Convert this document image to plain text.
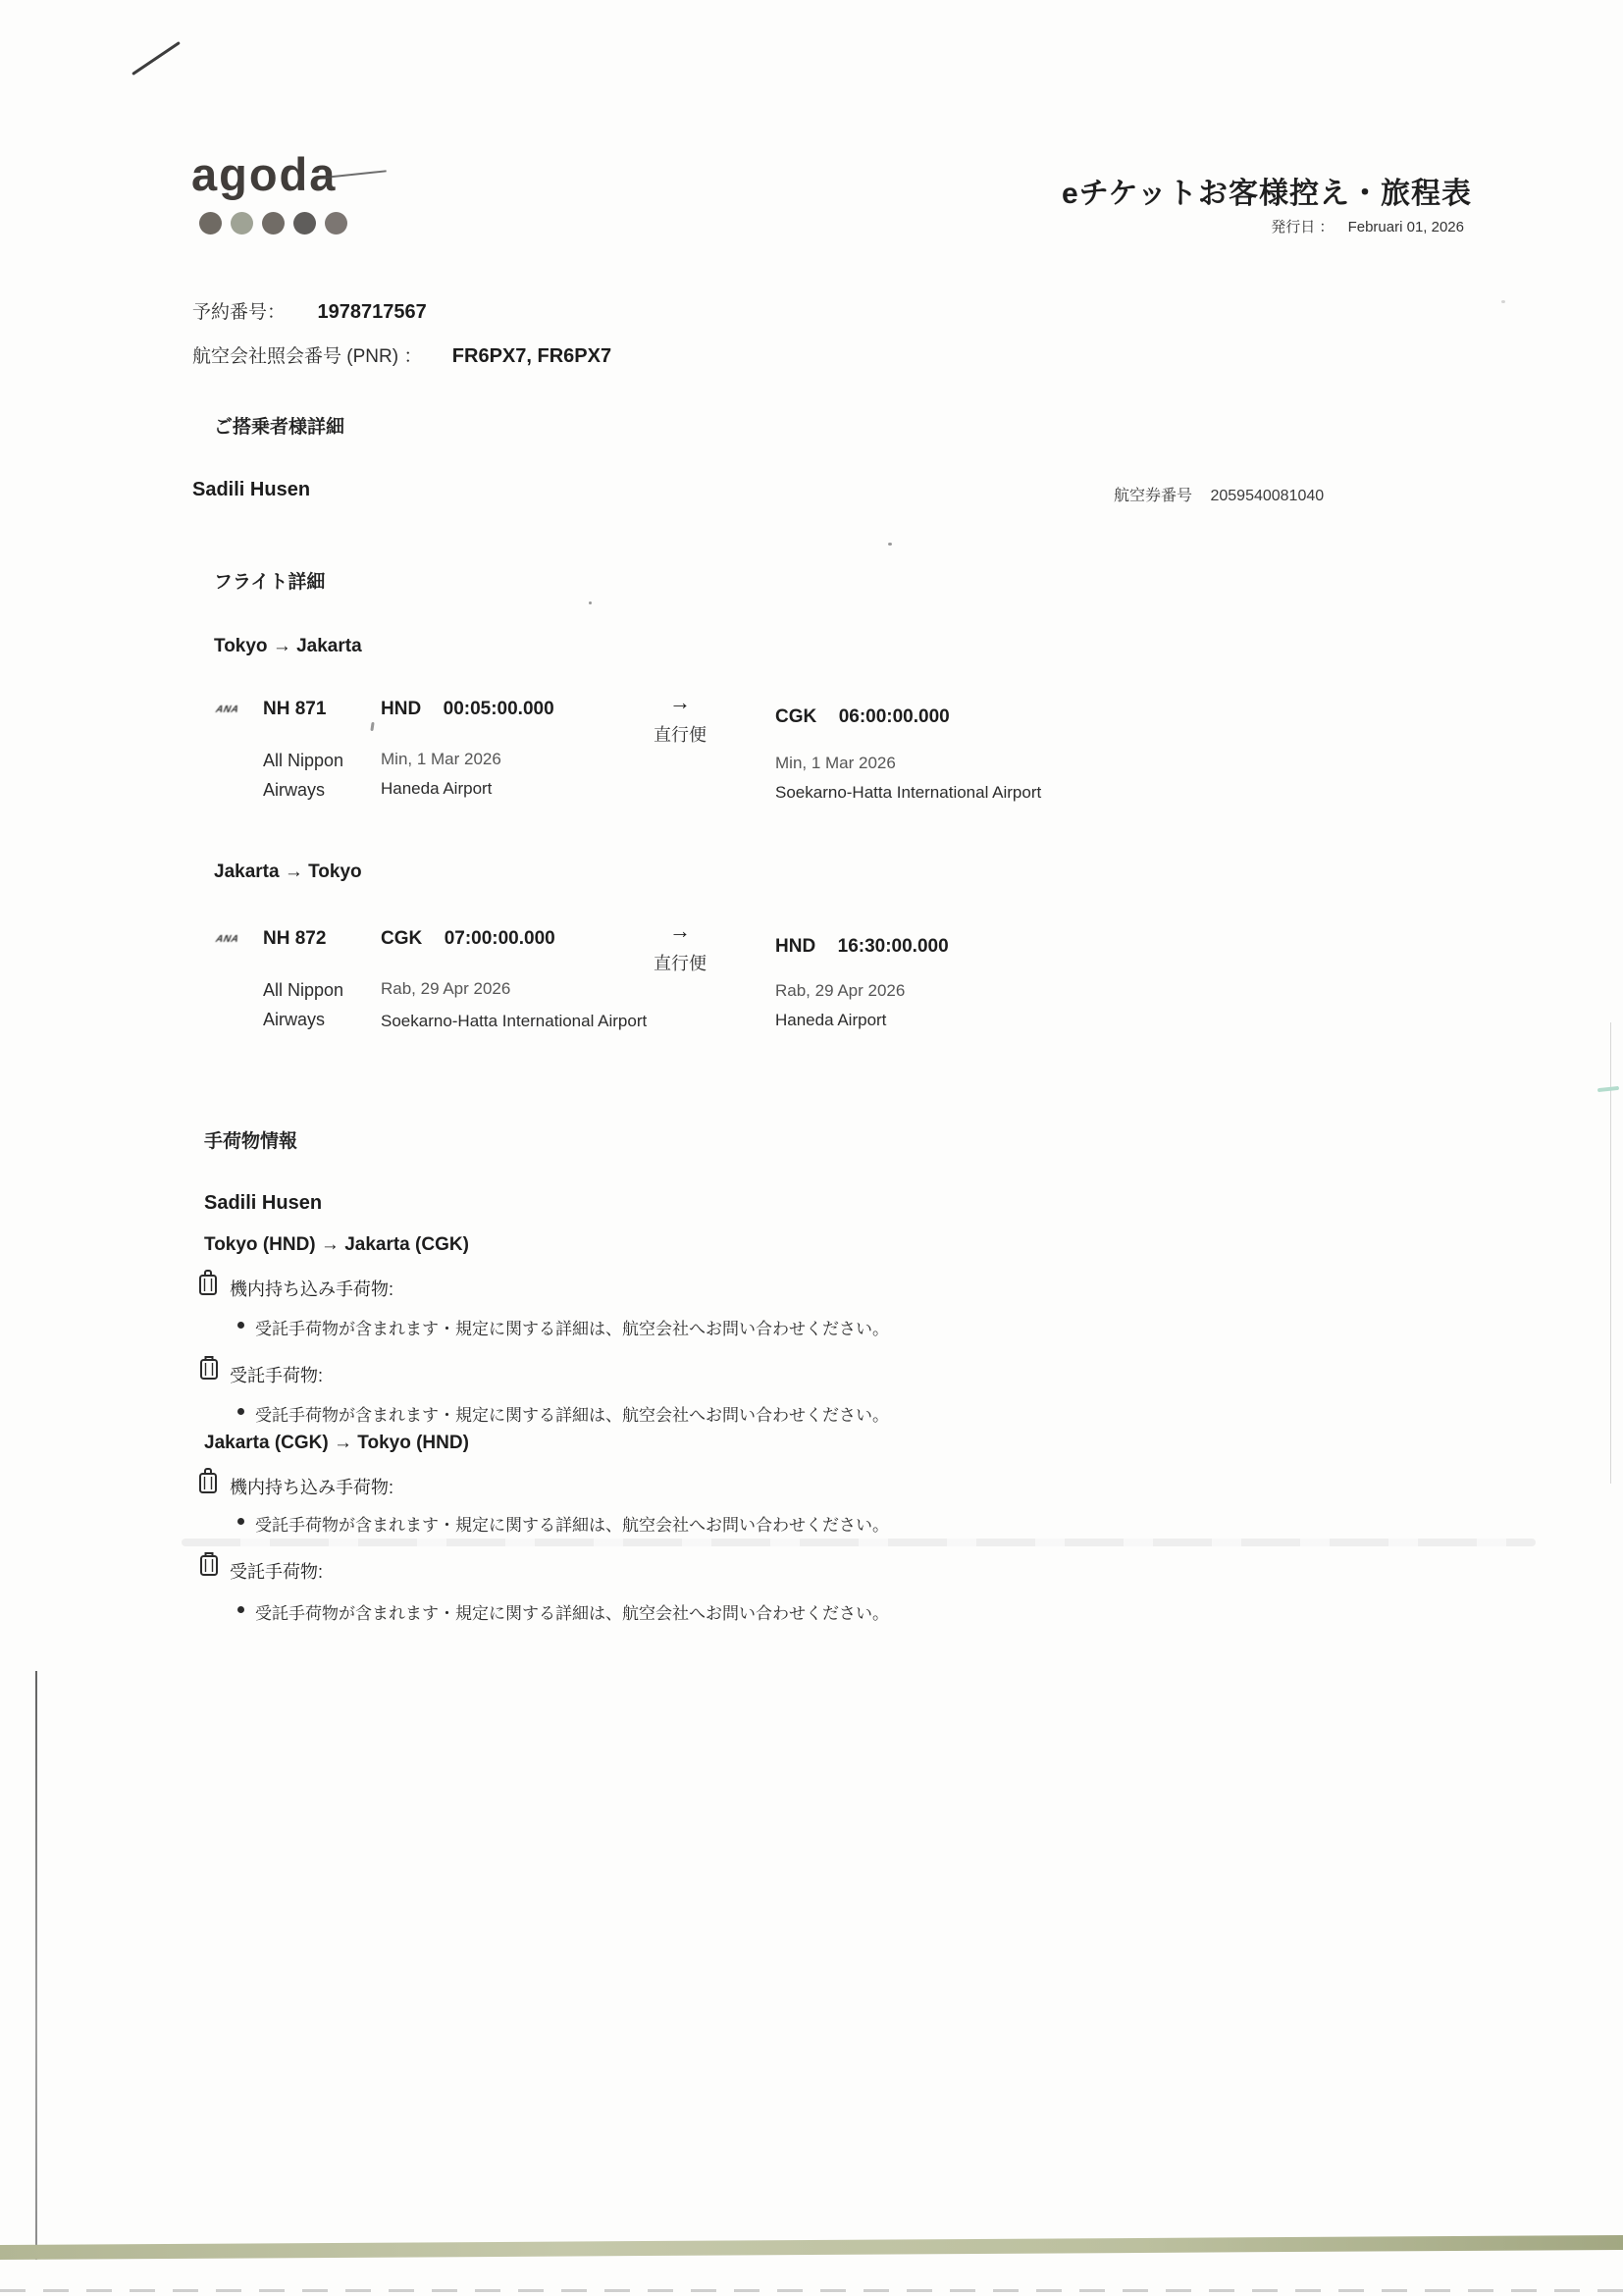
agoda	eチケットお客様控え・旅程表
発行日 ： Februari 01, 2026
予約番号： 1978717567
航空会社照会番号 (PNR) ： FR6PX7, FR6PX7
ご搭乗者様詳細
Sadili Husen	航空券番号 2059540081040
フライト詳細
Tokyo → Jakarta
ANA NH 871
All Nippon Airways
HND 00:05:00.000
Min, 1 Mar 2026
Haneda Airport
→
直行便
CGK 06:00:00.000
Min, 1 Mar 2026
Soekarno-Hatta International Airport
Jakarta → Tokyo
ANA NH 872
All Nippon Airways
CGK 07:00:00.000
Rab, 29 Apr 2026
Soekarno-Hatta International Airport
→
直行便
HND 16:30:00.000
Rab, 29 Apr 2026
Haneda Airport
手荷物情報
Sadili Husen
Tokyo (HND) → Jakarta (CGK)
機内持ち込み手荷物:
受託手荷物が含まれます・規定に関する詳細は、航空会社へお問い合わせください。
受託手荷物:
受託手荷物が含まれます・規定に関する詳細は、航空会社へお問い合わせください。
Jakarta (CGK) → Tokyo (HND)
機内持ち込み手荷物:
受託手荷物が含まれます・規定に関する詳細は、航空会社へお問い合わせください。
受託手荷物:
受託手荷物が含まれます・規定に関する詳細は、航空会社へお問い合わせください。
